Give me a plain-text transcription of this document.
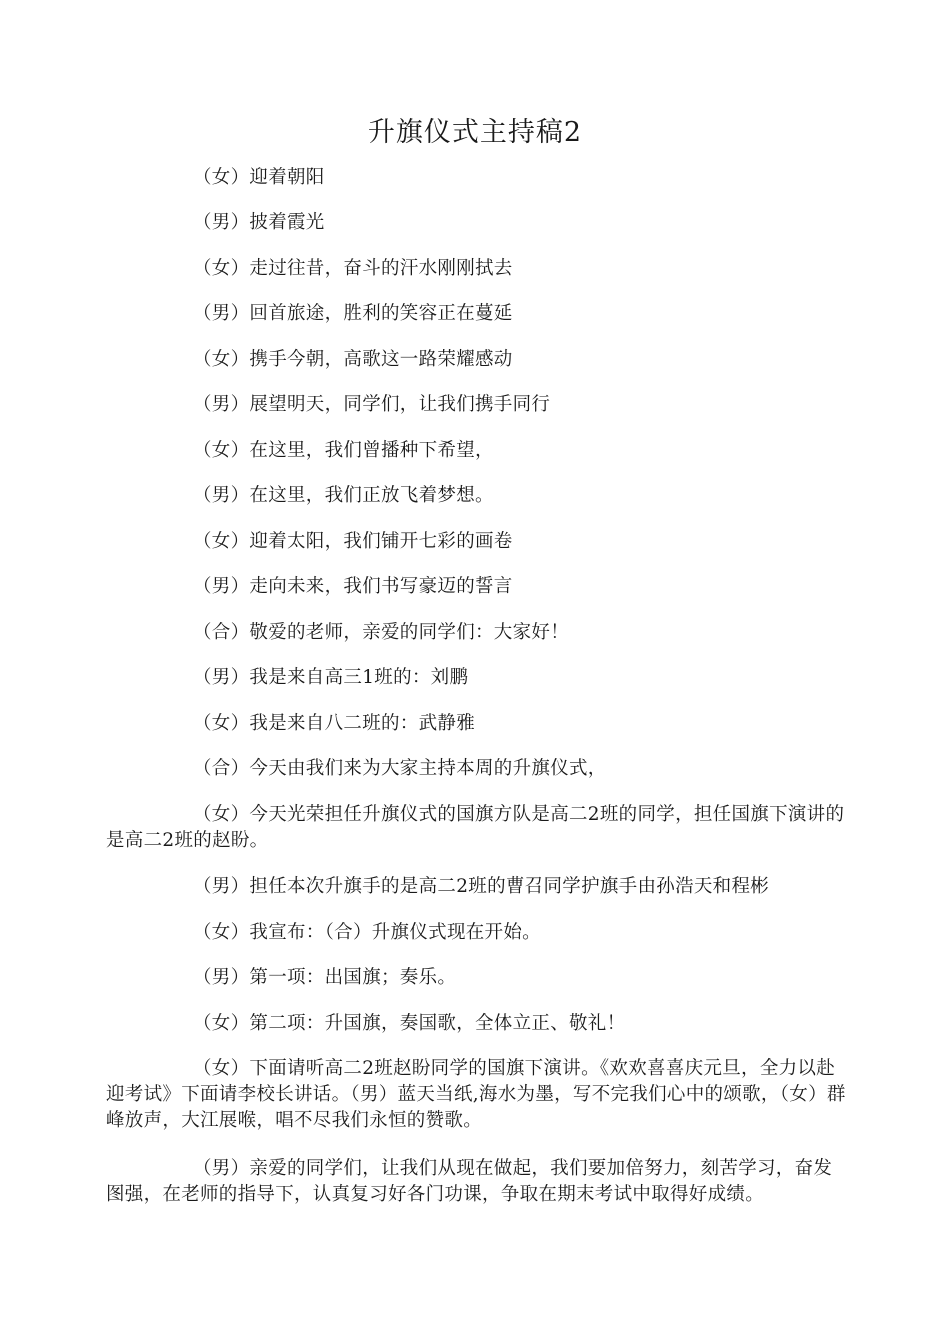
升旗仪式主持稿2
（女）迎着朝阳
（男）披着霞光
（女）走过往昔，奋斗的汗水刚刚拭去
（男）回首旅途，胜利的笑容正在蔓延
（女）携手今朝，高歌这一路荣耀感动
（男）展望明天，同学们，让我们携手同行
（女）在这里，我们曾播种下希望，
（男）在这里，我们正放飞着梦想。
（女）迎着太阳，我们铺开七彩的画卷
（男）走向未来，我们书写豪迈的誓言
（合）敬爱的老师，亲爱的同学们：大家好！
（男）我是来自高三1班的：刘鹏
（女）我是来自八二班的：武静雅
（合）今天由我们来为大家主持本周的升旗仪式，
（女）今天光荣担任升旗仪式的国旗方队是高二2班的同学，担任国旗下演讲的是高二2班的赵盼。
（男）担任本次升旗手的是高二2班的曹召同学护旗手由孙浩天和程彬
（女）我宣布：（合）升旗仪式现在开始。
（男）第一项：出国旗；奏乐。
（女）第二项：升国旗，奏国歌，全体立正、敬礼！
（女）下面请听高二2班赵盼同学的国旗下演讲。《欢欢喜喜庆元旦，全力以赴迎考试》下面请李校长讲话。（男）蓝天当纸,海水为墨，写不完我们心中的颂歌，（女）群峰放声，大江展喉，唱不尽我们永恒的赞歌。
（男）亲爱的同学们，让我们从现在做起，我们要加倍努力，刻苦学习，奋发图强，在老师的指导下，认真复习好各门功课，争取在期末考试中取得好成绩。
